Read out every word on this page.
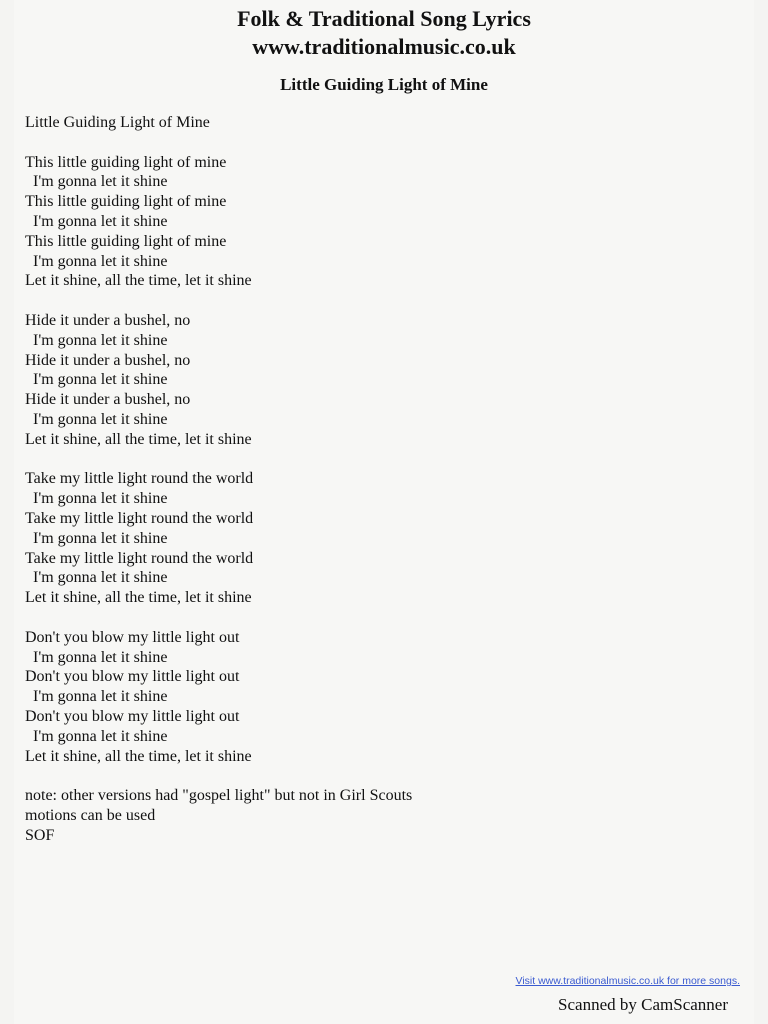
Folk & Traditional Song Lyrics
www.traditionalmusic.co.uk
Little Guiding Light of Mine
Little Guiding Light of Mine
This little guiding light of mine
I'm gonna let it shine
This little guiding light of mine
I'm gonna let it shine
This little guiding light of mine
I'm gonna let it shine
Let it shine, all the time, let it shine
Hide it under a bushel, no
I'm gonna let it shine
Hide it under a bushel, no
I'm gonna let it shine
Hide it under a bushel, no
I'm gonna let it shine
Let it shine, all the time, let it shine
Take my little light round the world
I'm gonna let it shine
Take my little light round the world
I'm gonna let it shine
Take my little light round the world
I'm gonna let it shine
Let it shine, all the time, let it shine
Don't you blow my little light out
I'm gonna let it shine
Don't you blow my little light out
I'm gonna let it shine
Don't you blow my little light out
I'm gonna let it shine
Let it shine, all the time, let it shine
note: other versions had "gospel light" but not in Girl Scouts
motions can be used
SOF
Visit www.traditionalmusic.co.uk for more songs.
Scanned by CamScanner
